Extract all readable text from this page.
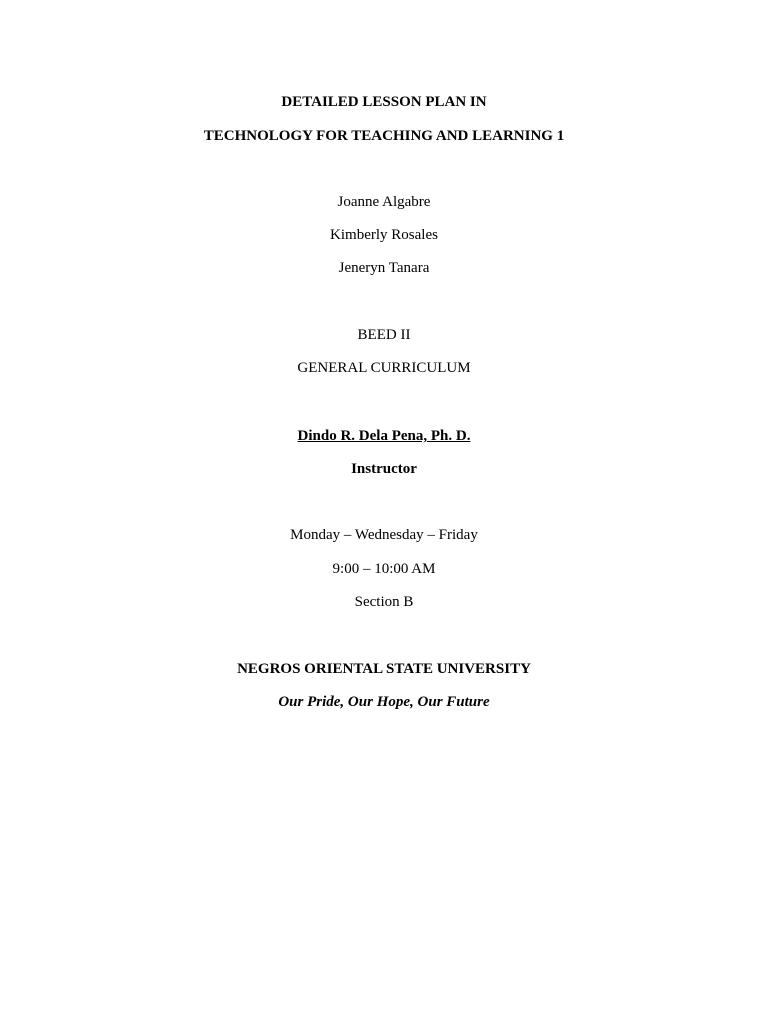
DETAILED LESSON PLAN IN
TECHNOLOGY FOR TEACHING AND LEARNING 1
Joanne Algabre
Kimberly Rosales
Jeneryn Tanara
BEED II
GENERAL CURRICULUM
Dindo R. Dela Pena, Ph. D.
Instructor
Monday – Wednesday – Friday
9:00 – 10:00 AM
Section B
NEGROS ORIENTAL STATE UNIVERSITY
Our Pride, Our Hope, Our Future
